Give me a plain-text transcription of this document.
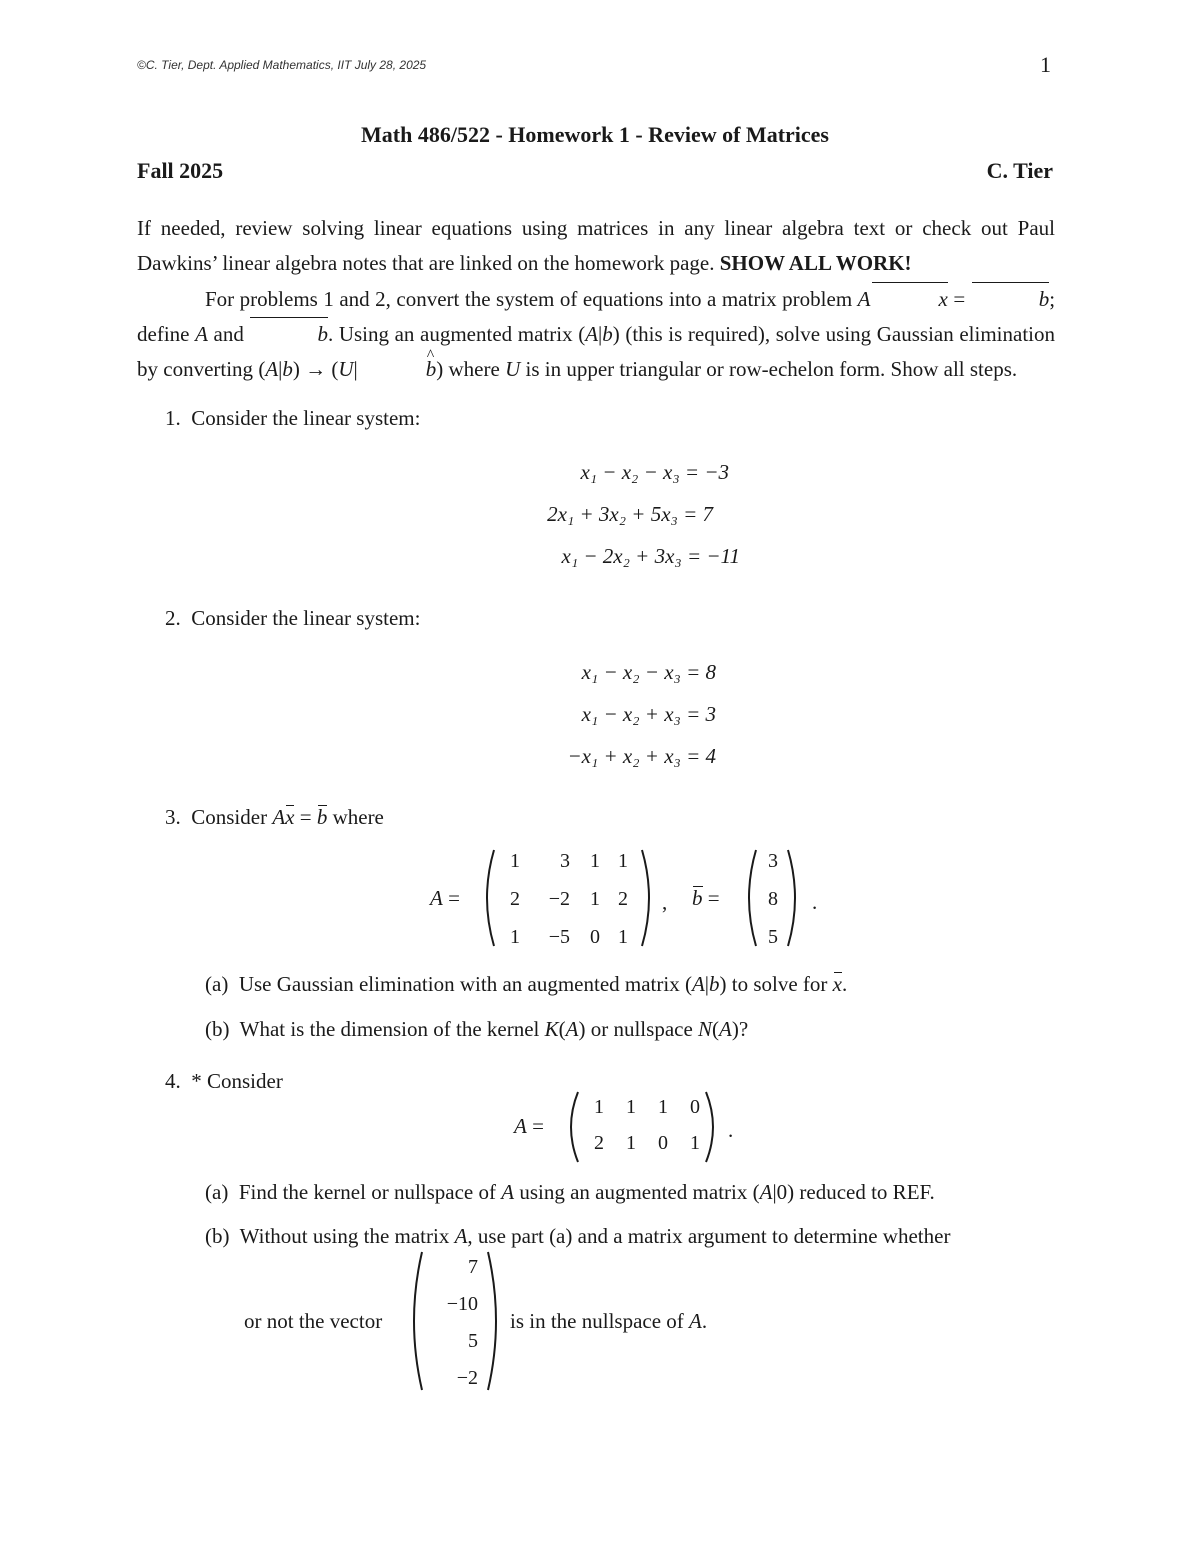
©C. Tier, Dept. Applied Mathematics, IIT July 28, 2025	1
Math 486/522 - Homework 1 - Review of Matrices
Fall 2025	C. Tier
If needed, review solving linear equations using matrices in any linear algebra text or check out Paul Dawkins’ linear algebra notes that are linked on the homework page. SHOW ALL WORK!
For problems 1 and 2, convert the system of equations into a matrix problem A	x =	b; define A and	b. Using an augmented matrix (A|b) (this is required), solve using Gaussian elimination by converting (A|b) → (U|^	b) where U is in upper triangular or row-echelon form. Show all steps.
1. Consider the linear system:
x₁ − x₂ − x₃ = −3
2x₁ + 3x₂ + 5x₃ = 7
x₁ − 2x₂ + 3x₃ = −11
2. Consider the linear system:
x₁ − x₂ − x₃ = 8
x₁ − x₂ + x₃ = 3
−x₁ + x₂ + x₃ = 4
3. Consider Ax = b where
A =
1	3	1 1
2	−2	1 2
1	−5	0 1
, b =
3
8
5
.
(a) Use Gaussian elimination with an augmented matrix (A|b) to solve for x.
(b) What is the dimension of the kernel K(A) or nullspace N(A)?
4. * Consider
A =
1	1	1	0
2	1	0	1
.
(a) Find the kernel or nullspace of A using an augmented matrix (A|0) reduced to REF.
(b) Without using the matrix A, use part (a) and a matrix argument to determine whether
or not the vector
7
−10
5
−2
is in the nullspace of A.
